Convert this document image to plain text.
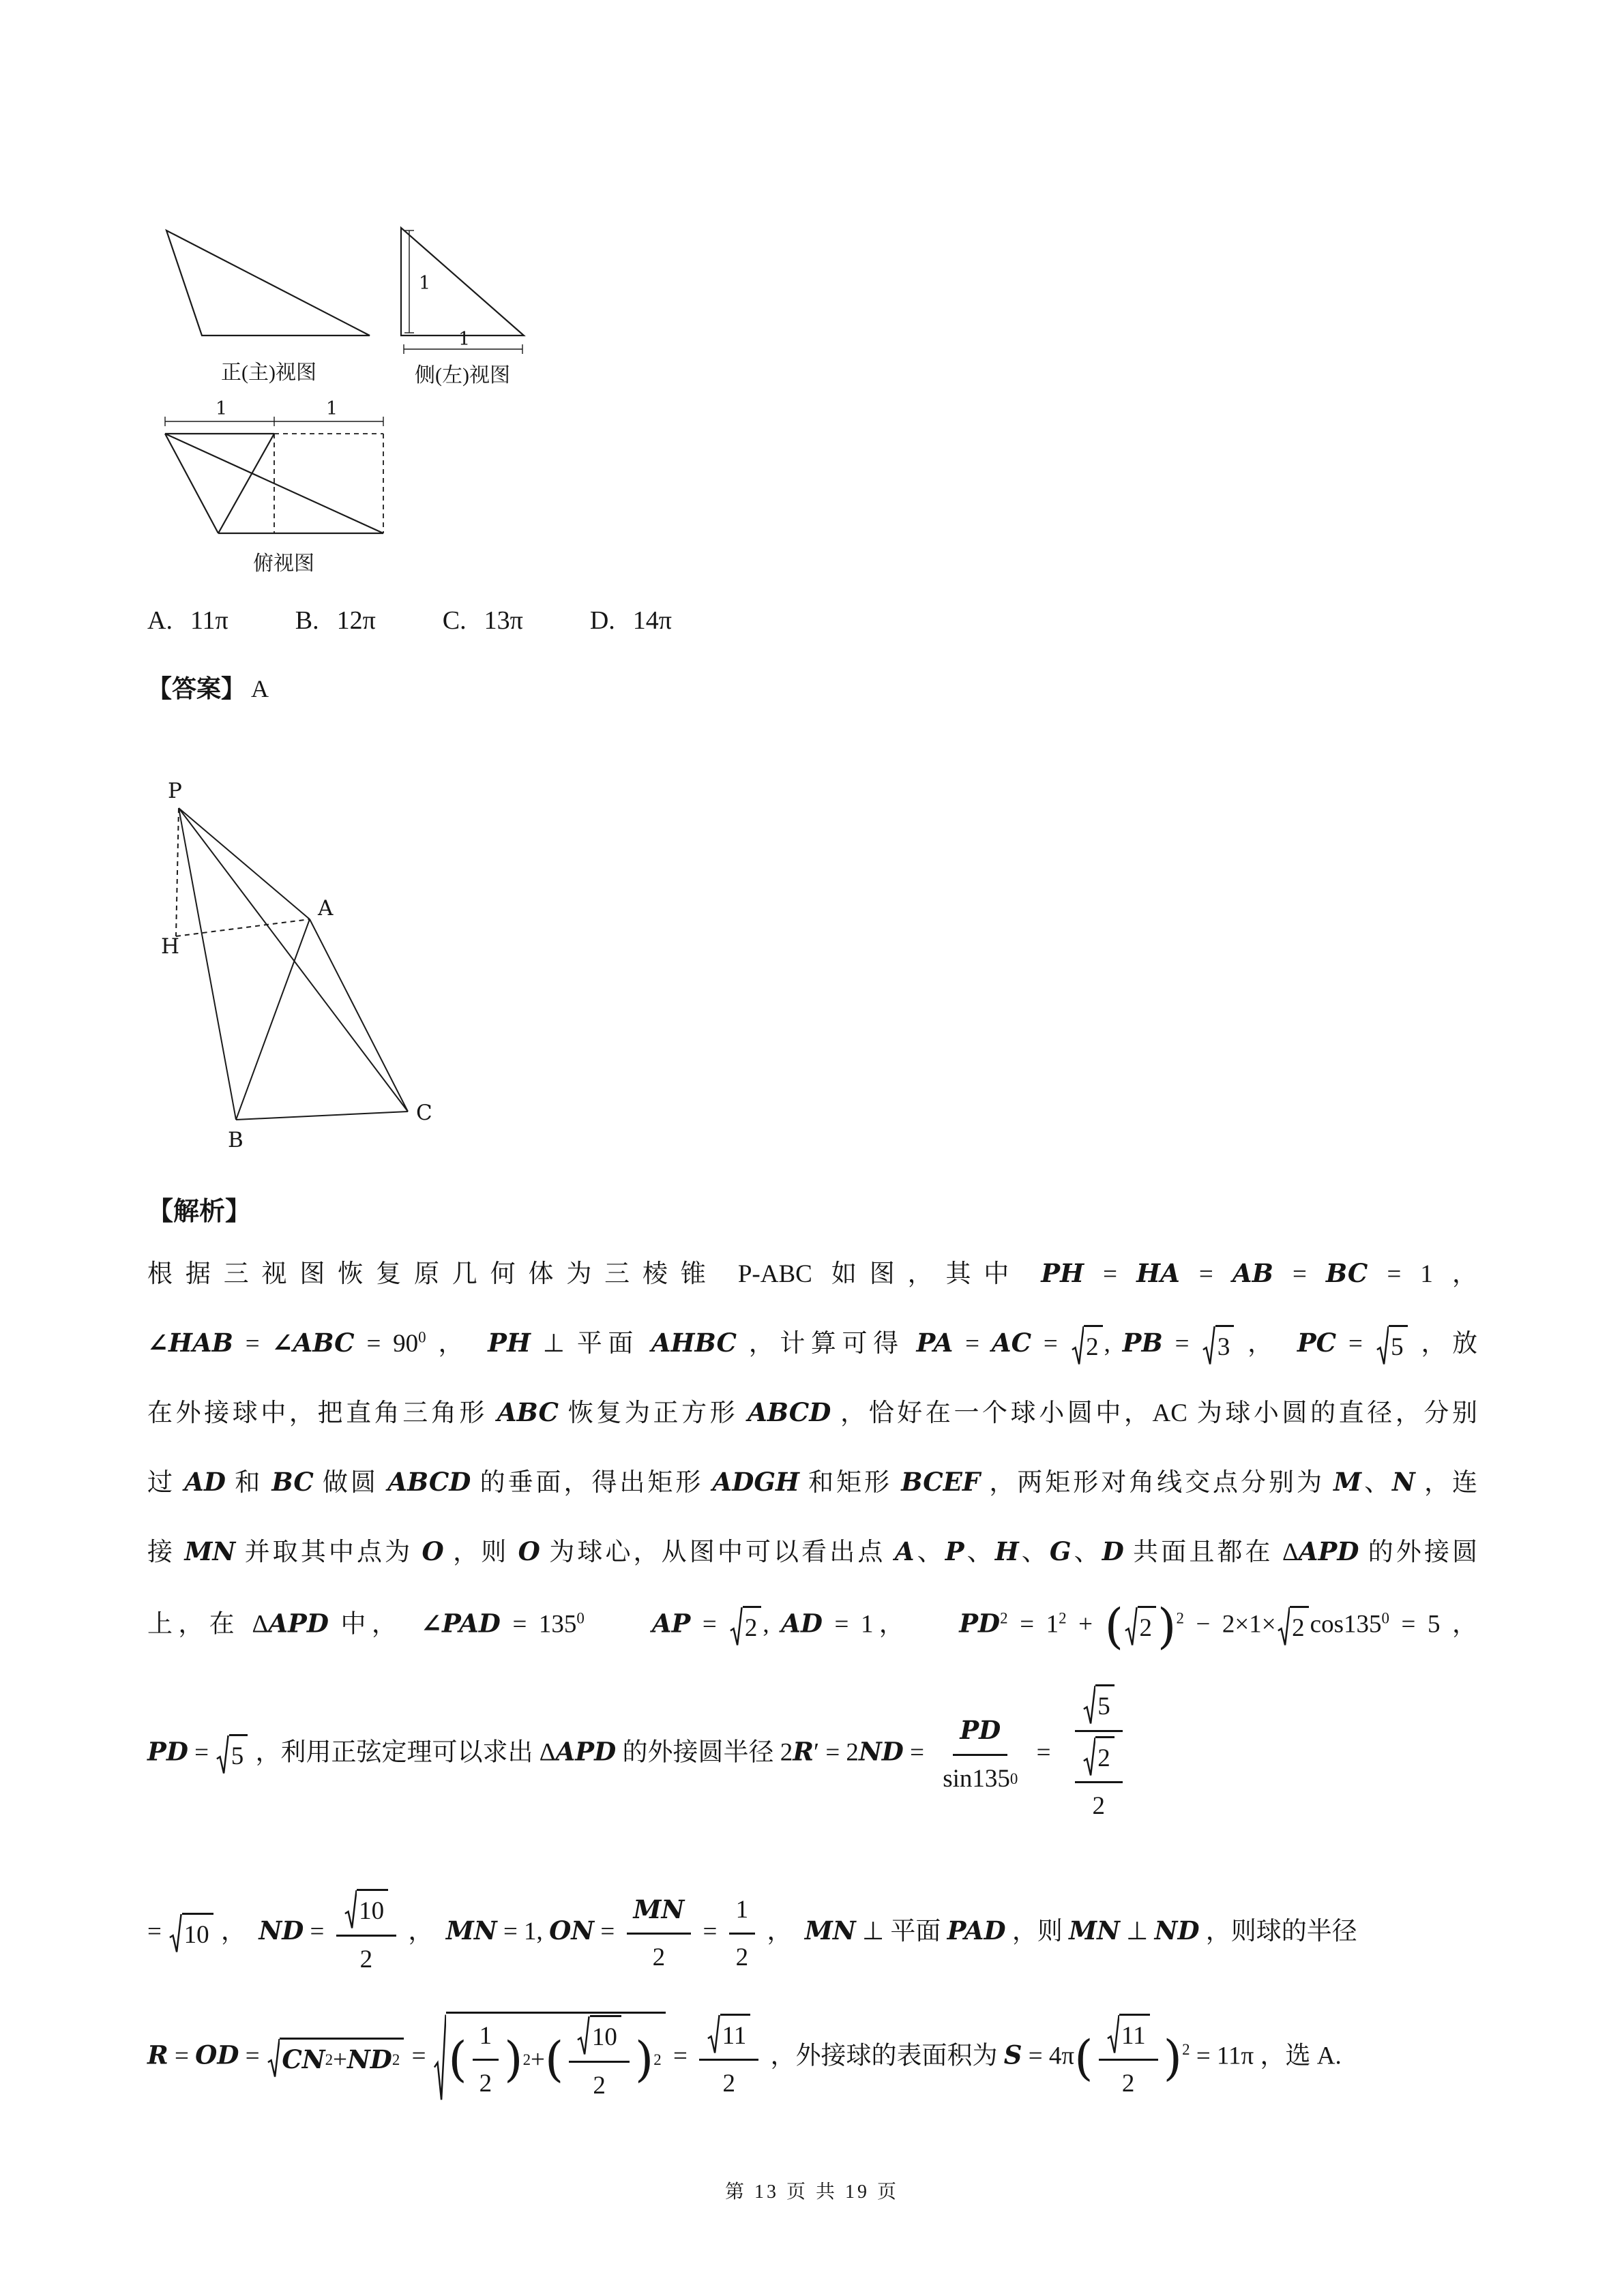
正(主)视图
1
1
侧(左)视图
1	1
俯视图
A. 11π	B. 12π	C. 13π	D. 14π
【答案】 A
P
H
A
B
C
【解析】
根据三视图恢复原几何体为三棱锥 P-ABC 如图，其中 PH = HA = AB = BC = 1 ，
∠HAB = ∠ABC = $90^0$ ，　PH ⊥ 平面 AHBC ，计算可得 PA = AC = 2 , PB = 3 ，　PC = 5 ，放
在外接球中，把直角三角形 ABC 恢复为正方形 ABCD ，恰好在一个球小圆中，AC 为球小圆的直径，分别
过 AD 和 BC 做圆 ABCD 的垂面，得出矩形 ADGH 和矩形 BCEF ，两矩形对角线交点分别为 M、N ，连
接 MN 并取其中点为 O ，则 O 为球心，从图中可以看出点 A、P、H、G、D 共面且都在 ΔAPD 的外接圆
上，在 ΔAPD 中，　∠PAD = $135^0$　　	AP = 2 , AD = 1，　　$PD^2 = 1^2$ + ( 2 ) $^2$ − 2×1× 2 $\cos 135^0 = 5$ ，
PD = 5 ，利用正弦定理可以求出 ΔAPD 的外接圆半径 $2R' = 2ND = \frac{PD}{\sin 135 0} = \frac{5}{\frac{2}{2}}$
= 10 ，　ND = $\frac{10}{2}$ ，　MN = 1, ON = $\frac{MN}{2} = \frac{1}{2}$ ，　MN ⊥ 平面 PAD ，则 MN ⊥ ND ，则球的半径
R = OD = CN 2 + ND 2 = ( $\frac{1}{2}$ ) 2 + ( $\frac{10}{2}$ ) $2 = \frac{11}{2}$ ，外接球的表面积为 S = 4π ( $\frac{11}{2}$ ) $^2$ = 11π ，选 A.
第 13 页 共 19 页
